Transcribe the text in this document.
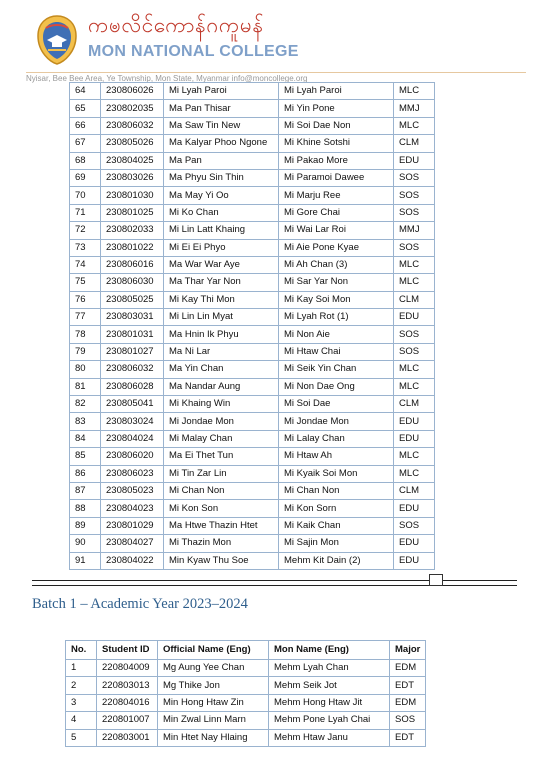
ကၑလိၚ်ကောန်ဂကူမန်
MON NATIONAL COLLEGE
Nyisar, Bee Bee Area, Ye Township, Mon State, Myanmar info@moncollege.org
64	230806026	Mi Lyah Paroi	Mi Lyah Paroi	MLC
65	230802035	Ma Pan Thisar	Mi Yin Pone	MMJ
66	230806032	Ma Saw Tin New	Mi Soi Dae Non	MLC
67	230805026	Ma Kalyar Phoo Ngone	Mi Khine Sotshi	CLM
68	230804025	Ma Pan	Mi Pakao More	EDU
69	230803026	Ma Phyu Sin Thin	Mi Paramoi Dawee	SOS
70	230801030	Ma May Yi Oo	Mi Marju Ree	SOS
71	230801025	Mi Ko Chan	Mi Gore Chai	SOS
72	230802033	Mi Lin Latt Khaing	Mi Wai Lar Roi	MMJ
73	230801022	Mi Ei Ei Phyo	Mi Aie Pone Kyae	SOS
74	230806016	Ma War War Aye	Mi Ah Chan (3)	MLC
75	230806030	Ma Thar Yar Non	Mi Sar Yar Non	MLC
76	230805025	Mi Kay Thi Mon	Mi Kay Soi Mon	CLM
77	230803031	Mi Lin Lin Myat	Mi Lyah Rot (1)	EDU
78	230801031	Ma Hnin Ik Phyu	Mi Non Aie	SOS
79	230801027	Ma Ni Lar	Mi Htaw Chai	SOS
80	230806032	Ma Yin Chan	Mi Seik Yin Chan	MLC
81	230806028	Ma Nandar Aung	Mi Non Dae Ong	MLC
82	230805041	Mi Khaing Win	Mi Soi Dae	CLM
83	230803024	Mi Jondae Mon	Mi Jondae Mon	EDU
84	230804024	Mi Malay Chan	Mi Lalay Chan	EDU
85	230806020	Ma Ei Thet Tun	Mi Htaw Ah	MLC
86	230806023	Mi Tin Zar Lin	Mi Kyaik Soi Mon	MLC
87	230805023	Mi Chan Non	Mi Chan Non	CLM
88	230804023	Mi Kon Son	Mi Kon Sorn	EDU
89	230801029	Ma Htwe Thazin Htet	Mi Kaik Chan	SOS
90	230804027	Mi Thazin Mon	Mi Sajin Mon	EDU
91	230804022	Min Kyaw Thu Soe	Mehm Kit Dain (2)	EDU
Batch 1 – Academic Year 2023–2024
No.	Student ID	Official Name (Eng)	Mon Name (Eng)	Major
1	220804009	Mg Aung Yee Chan	Mehm Lyah Chan	EDM
2	220803013	Mg Thike Jon	Mehm Seik Jot	EDT
3	220804016	Min Hong Htaw Zin	Mehm Hong Htaw Jit	EDM
4	220801007	Min Zwal Linn Marn	Mehm Pone Lyah Chai	SOS
5	220803001	Min Htet Nay Hlaing	Mehm Htaw Janu	EDT
